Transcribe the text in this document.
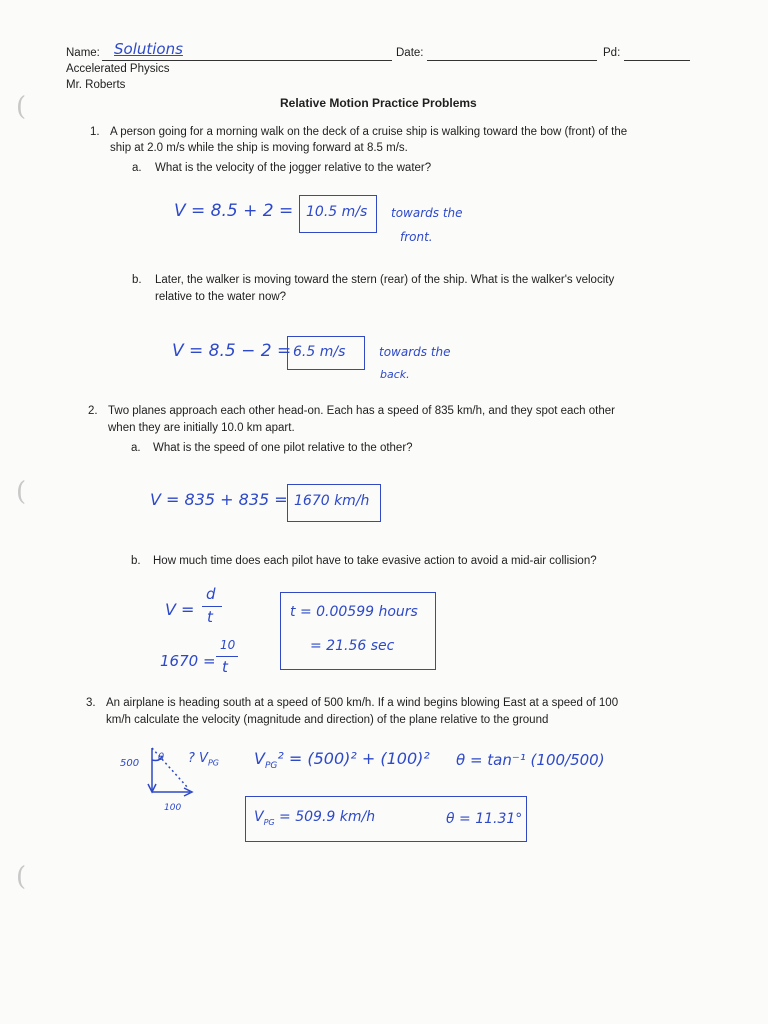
(
(
(
Name: Solutions	Date:	Pd:
Accelerated Physics
Mr. Roberts
Relative Motion Practice Problems
1. A person going for a morning walk on the deck of a cruise ship is walking toward the bow (front) of the
ship at 2.0 m/s while the ship is moving forward at 8.5 m/s.
a. What is the velocity of the jogger relative to the water?
V = 8.5 + 2 = 10.5 m/s towards the
front.
b. Later, the walker is moving toward the stern (rear) of the ship. What is the walker's velocity
relative to the water now?
V = 8.5 − 2 = 6.5 m/s	towards the
back.
2. Two planes approach each other head-on. Each has a speed of 835 km/h, and they spot each other
when they are initially 10.0 km apart.
a. What is the speed of one pilot relative to the other?
V = 835 + 835 = 1670 km/h
b. How much time does each pilot have to take evasive action to avoid a mid-air collision?
V =
d
t
1670 =
10
t
t = 0.00599 hours
= 21.56 sec
3. An airplane is heading south at a speed of 500 km/h. If a wind begins blowing East at a speed of 100
km/h calculate the velocity (magnitude and direction) of the plane relative to the ground
500
θ
100
? $V_{PG}$ $V_{PG}^2 = (500)^2 + (100)^2$ θ = tan⁻¹ (100/500)
$V_{PG} = 509.9$ km/h	θ = 11.31°
